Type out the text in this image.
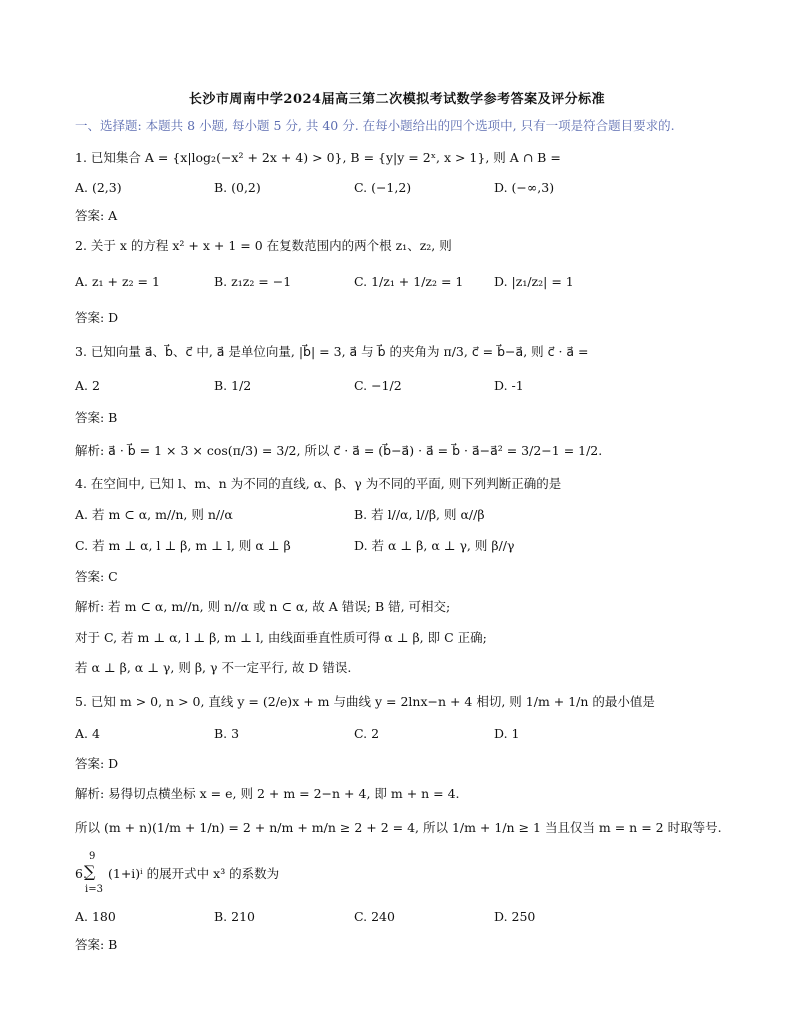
长沙市周南中学2024届高三第二次模拟考试数学参考答案及评分标准
一、选择题: 本题共 8 小题, 每小题 5 分, 共 40 分. 在每小题给出的四个选项中, 只有一项是符合题目要求的.
1. 已知集合 A = {x|log₂(−x² + 2x + 4) > 0}, B = {y|y = 2ˣ, x > 1}, 则 A ∩ B =
A. (2,3)	B. (0,2)	C. (−1,2)	D. (−∞,3)
答案: A
2. 关于 x 的方程 x² + x + 1 = 0 在复数范围内的两个根 z₁、z₂, 则
A. z₁ + z₂ = 1	B. z₁z₂ = −1	C. 1/z₁ + 1/z₂ = 1 D. |z₁/z₂| = 1
答案: D
3. 已知向量 a⃗、b⃗、c⃗ 中, a⃗ 是单位向量, |b⃗| = 3, a⃗ 与 b⃗ 的夹角为 π/3, c⃗ = b⃗−a⃗, 则 c⃗ · a⃗ =
A. 2	B. 1/2	C. −1/2	D. -1
答案: B
解析: a⃗ · b⃗ = 1 × 3 × cos(π/3) = 3/2, 所以 c⃗ · a⃗ = (b⃗−a⃗) · a⃗ = b⃗ · a⃗−a⃗² = 3/2−1 = 1/2.
4. 在空间中, 已知 l、m、n 为不同的直线, α、β、γ 为不同的平面, 则下列判断正确的是
A. 若 m ⊂ α, m//n, 则 n//α	B. 若 l//α, l//β, 则 α//β
C. 若 m ⊥ α, l ⊥ β, m ⊥ l, 则 α ⊥ β	D. 若 α ⊥ β, α ⊥ γ, 则 β//γ
答案: C
解析: 若 m ⊂ α, m//n, 则 n//α 或 n ⊂ α, 故 A 错误; B 错, 可相交;
对于 C, 若 m ⊥ α, l ⊥ β, m ⊥ l, 由线面垂直性质可得 α ⊥ β, 即 C 正确;
若 α ⊥ β, α ⊥ γ, 则 β, γ 不一定平行, 故 D 错误.
5. 已知 m > 0, n > 0, 直线 y = (2/e)x + m 与曲线 y = 2lnx−n + 4 相切, 则 1/m + 1/n 的最小值是
A. 4	B. 3	C. 2	D. 1
答案: D
解析: 易得切点横坐标 x = e, 则 2 + m = 2−n + 4, 即 m + n = 4.
所以 (m + n)(1/m + 1/n) = 2 + n/m + m/n ≥ 2 + 2 = 4, 所以 1/m + 1/n ≥ 1 当且仅当 m = n = 2 时取等号.
6.
9
∑
i=3
(1+i)ⁱ 的展开式中 x³ 的系数为
A. 180	B. 210	C. 240	D. 250
答案: B
